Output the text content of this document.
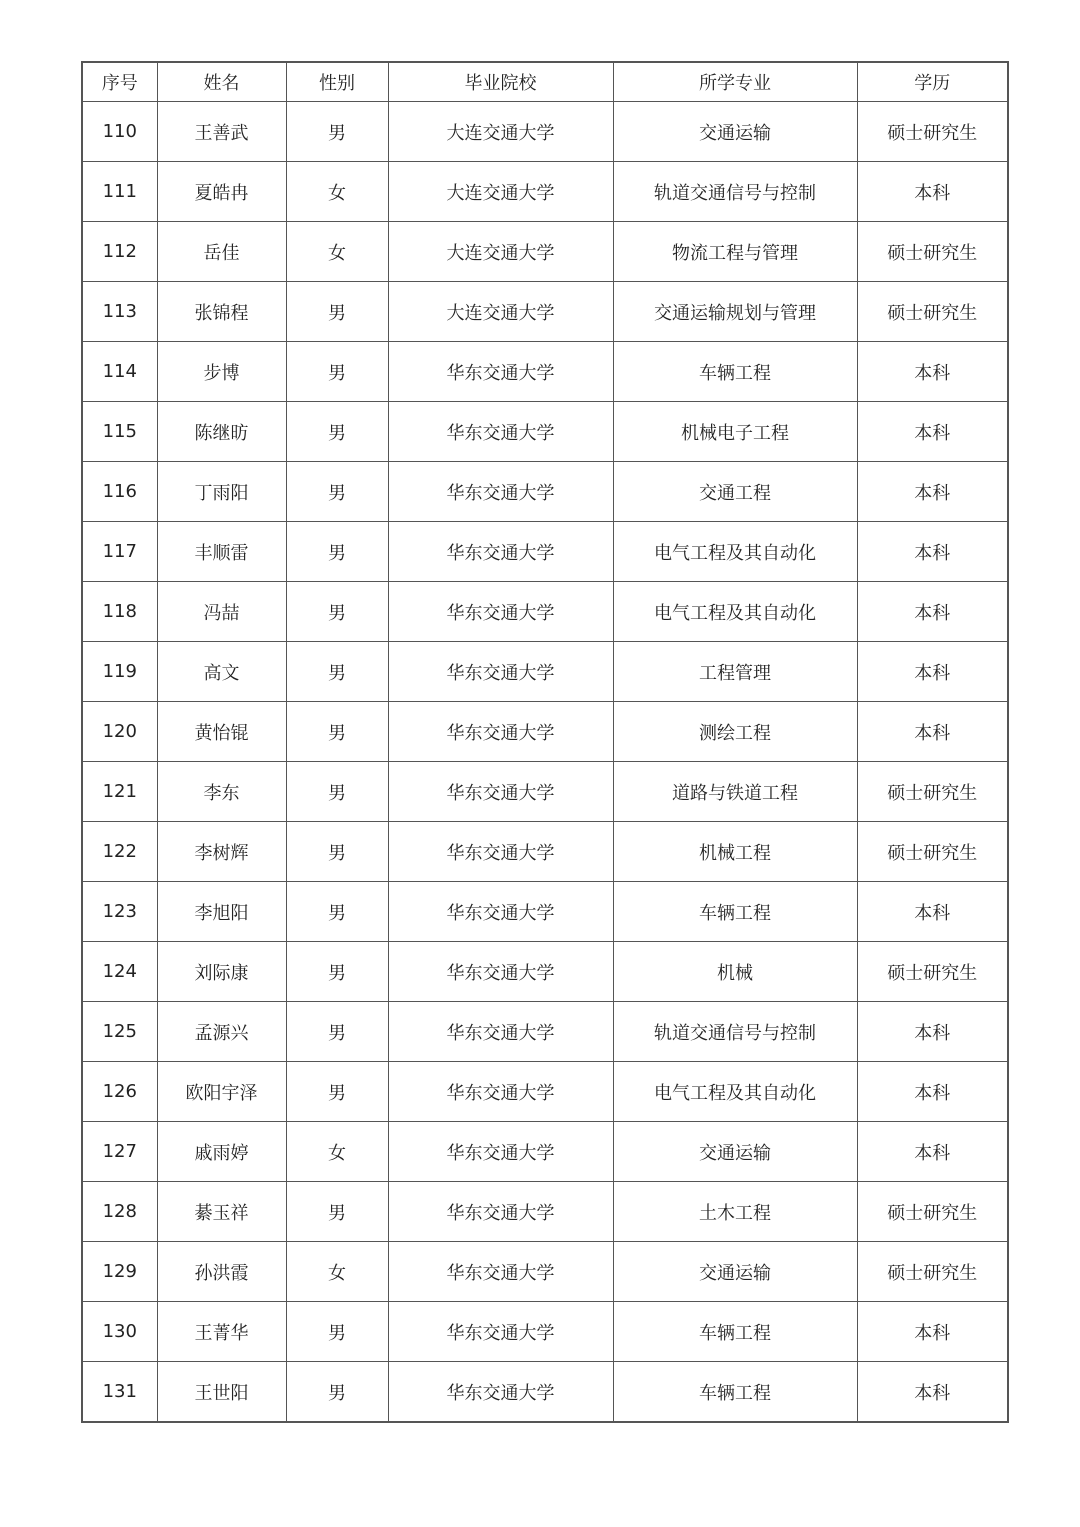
序号	姓名	性别	毕业院校	所学专业	学历
110	王善武	男	大连交通大学	交通运输	硕士研究生
111	夏皓冉	女	大连交通大学	轨道交通信号与控制	本科
112	岳佳	女	大连交通大学	物流工程与管理	硕士研究生
113	张锦程	男	大连交通大学	交通运输规划与管理	硕士研究生
114	步博	男	华东交通大学	车辆工程	本科
115	陈继昉	男	华东交通大学	机械电子工程	本科
116	丁雨阳	男	华东交通大学	交通工程	本科
117	丰顺雷	男	华东交通大学	电气工程及其自动化	本科
118	冯喆	男	华东交通大学	电气工程及其自动化	本科
119	高文	男	华东交通大学	工程管理	本科
120	黄怡锟	男	华东交通大学	测绘工程	本科
121	李东	男	华东交通大学	道路与铁道工程	硕士研究生
122	李树辉	男	华东交通大学	机械工程	硕士研究生
123	李旭阳	男	华东交通大学	车辆工程	本科
124	刘际康	男	华东交通大学	机械	硕士研究生
125	孟源兴	男	华东交通大学	轨道交通信号与控制	本科
126	欧阳宇泽	男	华东交通大学	电气工程及其自动化	本科
127	戚雨婷	女	华东交通大学	交通运输	本科
128	綦玉祥	男	华东交通大学	土木工程	硕士研究生
129	孙洪霞	女	华东交通大学	交通运输	硕士研究生
130	王菁华	男	华东交通大学	车辆工程	本科
131	王世阳	男	华东交通大学	车辆工程	本科
